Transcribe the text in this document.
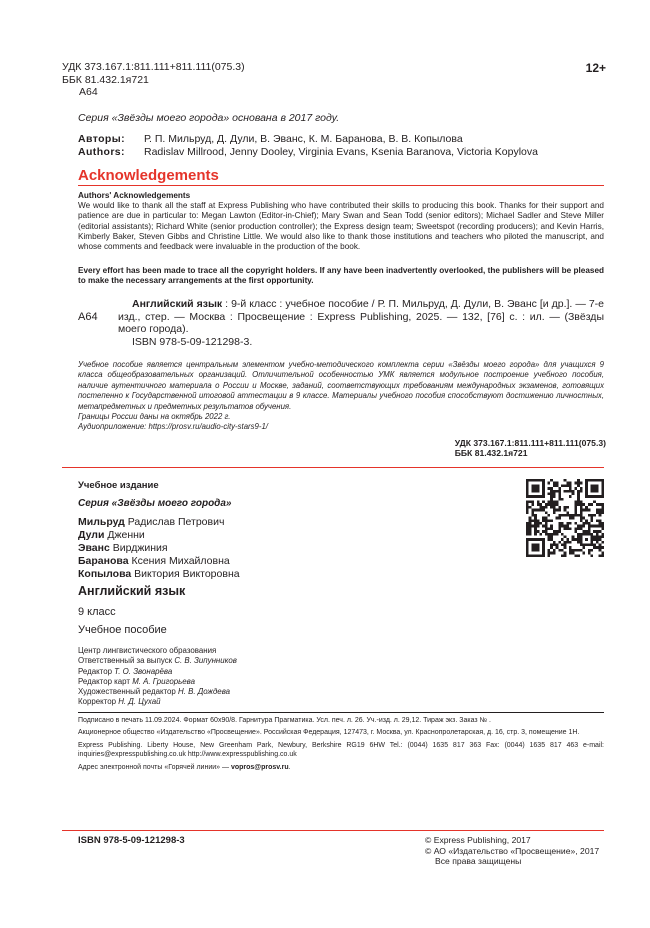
УДК 373.167.1:811.111+811.111(075.3)
ББК 81.432.1я721
А64
12+
Серия «Звёзды моего города» основана в 2017 году.
Авторы: Р. П. Мильруд, Д. Дули, В. Эванс, К. М. Баранова, В. В. Копылова
Authors: Radislav Millrood, Jenny Dooley, Virginia Evans, Ksenia Baranova, Victoria Kopylova
Acknowledgements
Authors' Acknowledgements
We would like to thank all the staff at Express Publishing who have contributed their skills to producing this book. Thanks for their support and patience are due in particular to: Megan Lawton (Editor-in-Chief); Mary Swan and Sean Todd (senior editors); Michael Sadler and Steve Miller (editorial assistants); Richard White (senior production controller); the Express design team; Sweetspot (recording producers); and Kevin Harris, Kimberly Baker, Steven Gibbs and Christine Little. We would also like to thank those institutions and teachers who piloted the manuscript, and whose comments and feedback were invaluable in the production of the book.
Every effort has been made to trace all the copyright holders. If any have been inadvertently overlooked, the publishers will be pleased to make the necessary arrangements at the first opportunity.
А64
Английский язык : 9-й класс : учебное пособие / Р. П. Мильруд, Д. Дули, В. Эванс [и др.]. — 7-е изд., стер. — Москва : Просвещение : Express Publishing, 2025. — 132, [76] с. : ил. — (Звёзды моего города).
ISBN 978-5-09-121298-3.
Учебное пособие является центральным элементом учебно-методического комплекта серии «Звёзды моего города» для учащихся 9 класса общеобразовательных организаций. Отличительной особенностью УМК является модульное построение учебного пособия, наличие аутентичного материала о России и Москве, заданий, соответствующих требованиям международных экзаменов, готовящих постепенно к Государственной итоговой аттестации в 9 классе. Материалы учебного пособия способствуют достижению личностных, метапредметных и предметных результатов обучения.
Границы России даны на октябрь 2022 г.
Аудиоприложение: https://prosv.ru/audio-city-stars9-1/
УДК 373.167.1:811.111+811.111(075.3)
ББК 81.432.1я721
Учебное издание
Серия «Звёзды моего города»
Мильруд Радислав Петрович
Дули Дженни
Эванс Вирджиния
Баранова Ксения Михайловна
Копылова Виктория Викторовна
Английский язык
9 класс
Учебное пособие
Центр лингвистического образования
Ответственный за выпуск С. В. Зипунников
Редактор Т. О. Звонарёва
Редактор карт М. А. Григорьева
Художественный редактор Н. В. Дождева
Корректор Н. Д. Цухай

Подписано в печать 11.09.2024. Формат 60х90/8. Гарнитура Прагматика. Усл. печ. л. 26. Уч.-изд. л. 29,12. Тираж экз. Заказ № .

Акционерное общество «Издательство «Просвещение». Российская Федерация, 127473, г. Москва, ул. Краснопролетарская, д. 16, стр. 3, помещение 1Н.

Express Publishing. Liberty House, New Greenham Park, Newbury, Berkshire RG19 6HW Tel.: (0044) 1635 817 363 Fax: (0044) 1635 817 463 e-mail: inquiries@expresspublishing.co.uk http://www.expresspublishing.co.uk

Адрес электронной почты «Горячей линии» — vopros@prosv.ru.

ISBN 978-5-09-121298-3	© Express Publishing, 2017
© АО «Издательство «Просвещение», 2017
Все права защищены
